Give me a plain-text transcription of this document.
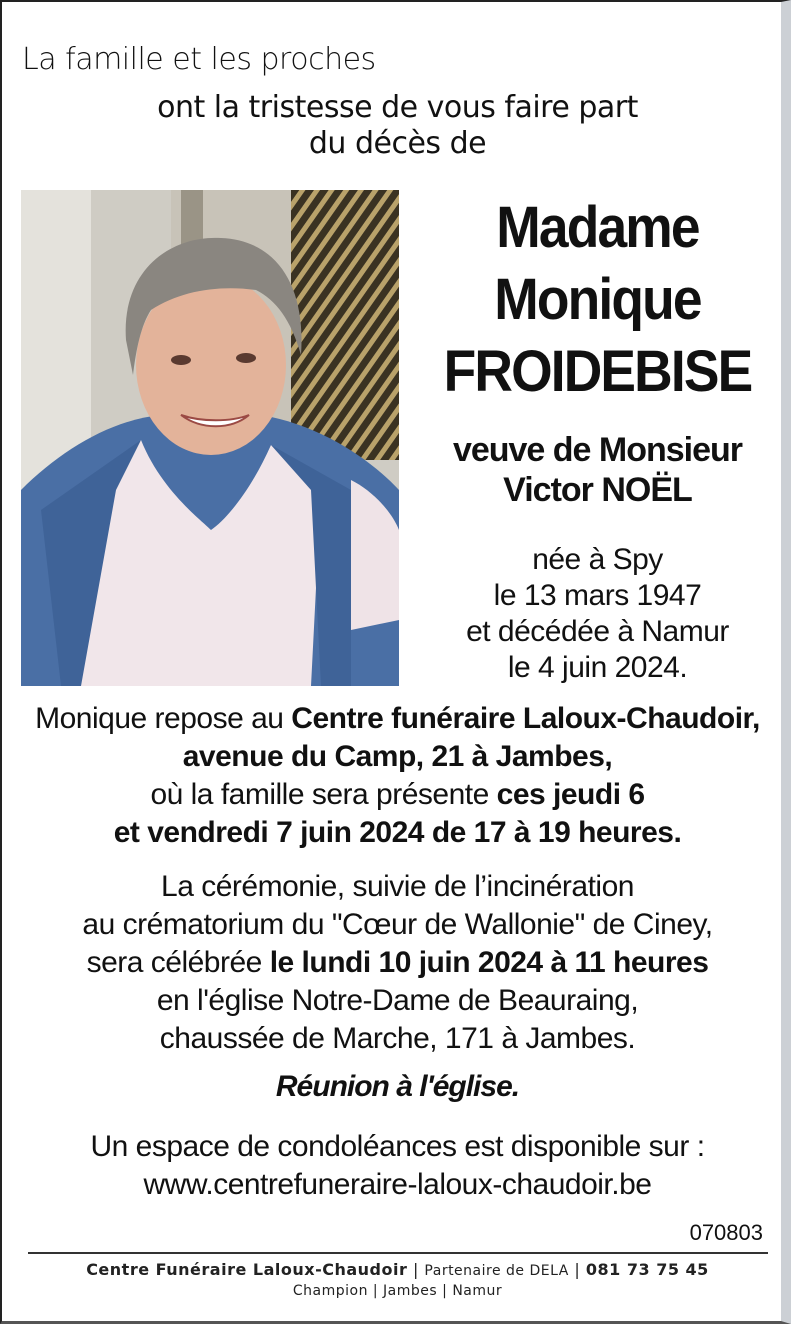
La famille et les proches
ont la tristesse de vous faire part
du décès de
Madame
Monique
FROIDEBISE
veuve de Monsieur
Victor NOËL
née à Spy
le 13 mars 1947
et décédée à Namur
le 4 juin 2024.
Monique repose au Centre funéraire Laloux-Chaudoir,
avenue du Camp, 21 à Jambes,
où la famille sera présente ces jeudi 6
et vendredi 7 juin 2024 de 17 à 19 heures.
La cérémonie, suivie de l’incinération
au crématorium du "Cœur de Wallonie" de Ciney,
sera célébrée le lundi 10 juin 2024 à 11 heures
en l'église Notre-Dame de Beauraing,
chaussée de Marche, 171 à Jambes.
Réunion à l'église.
Un espace de condoléances est disponible sur :
www.centrefuneraire-laloux-chaudoir.be
070803
Centre Funéraire Laloux-Chaudoir | Partenaire de DELA | 081 73 75 45
Champion | Jambes | Namur
